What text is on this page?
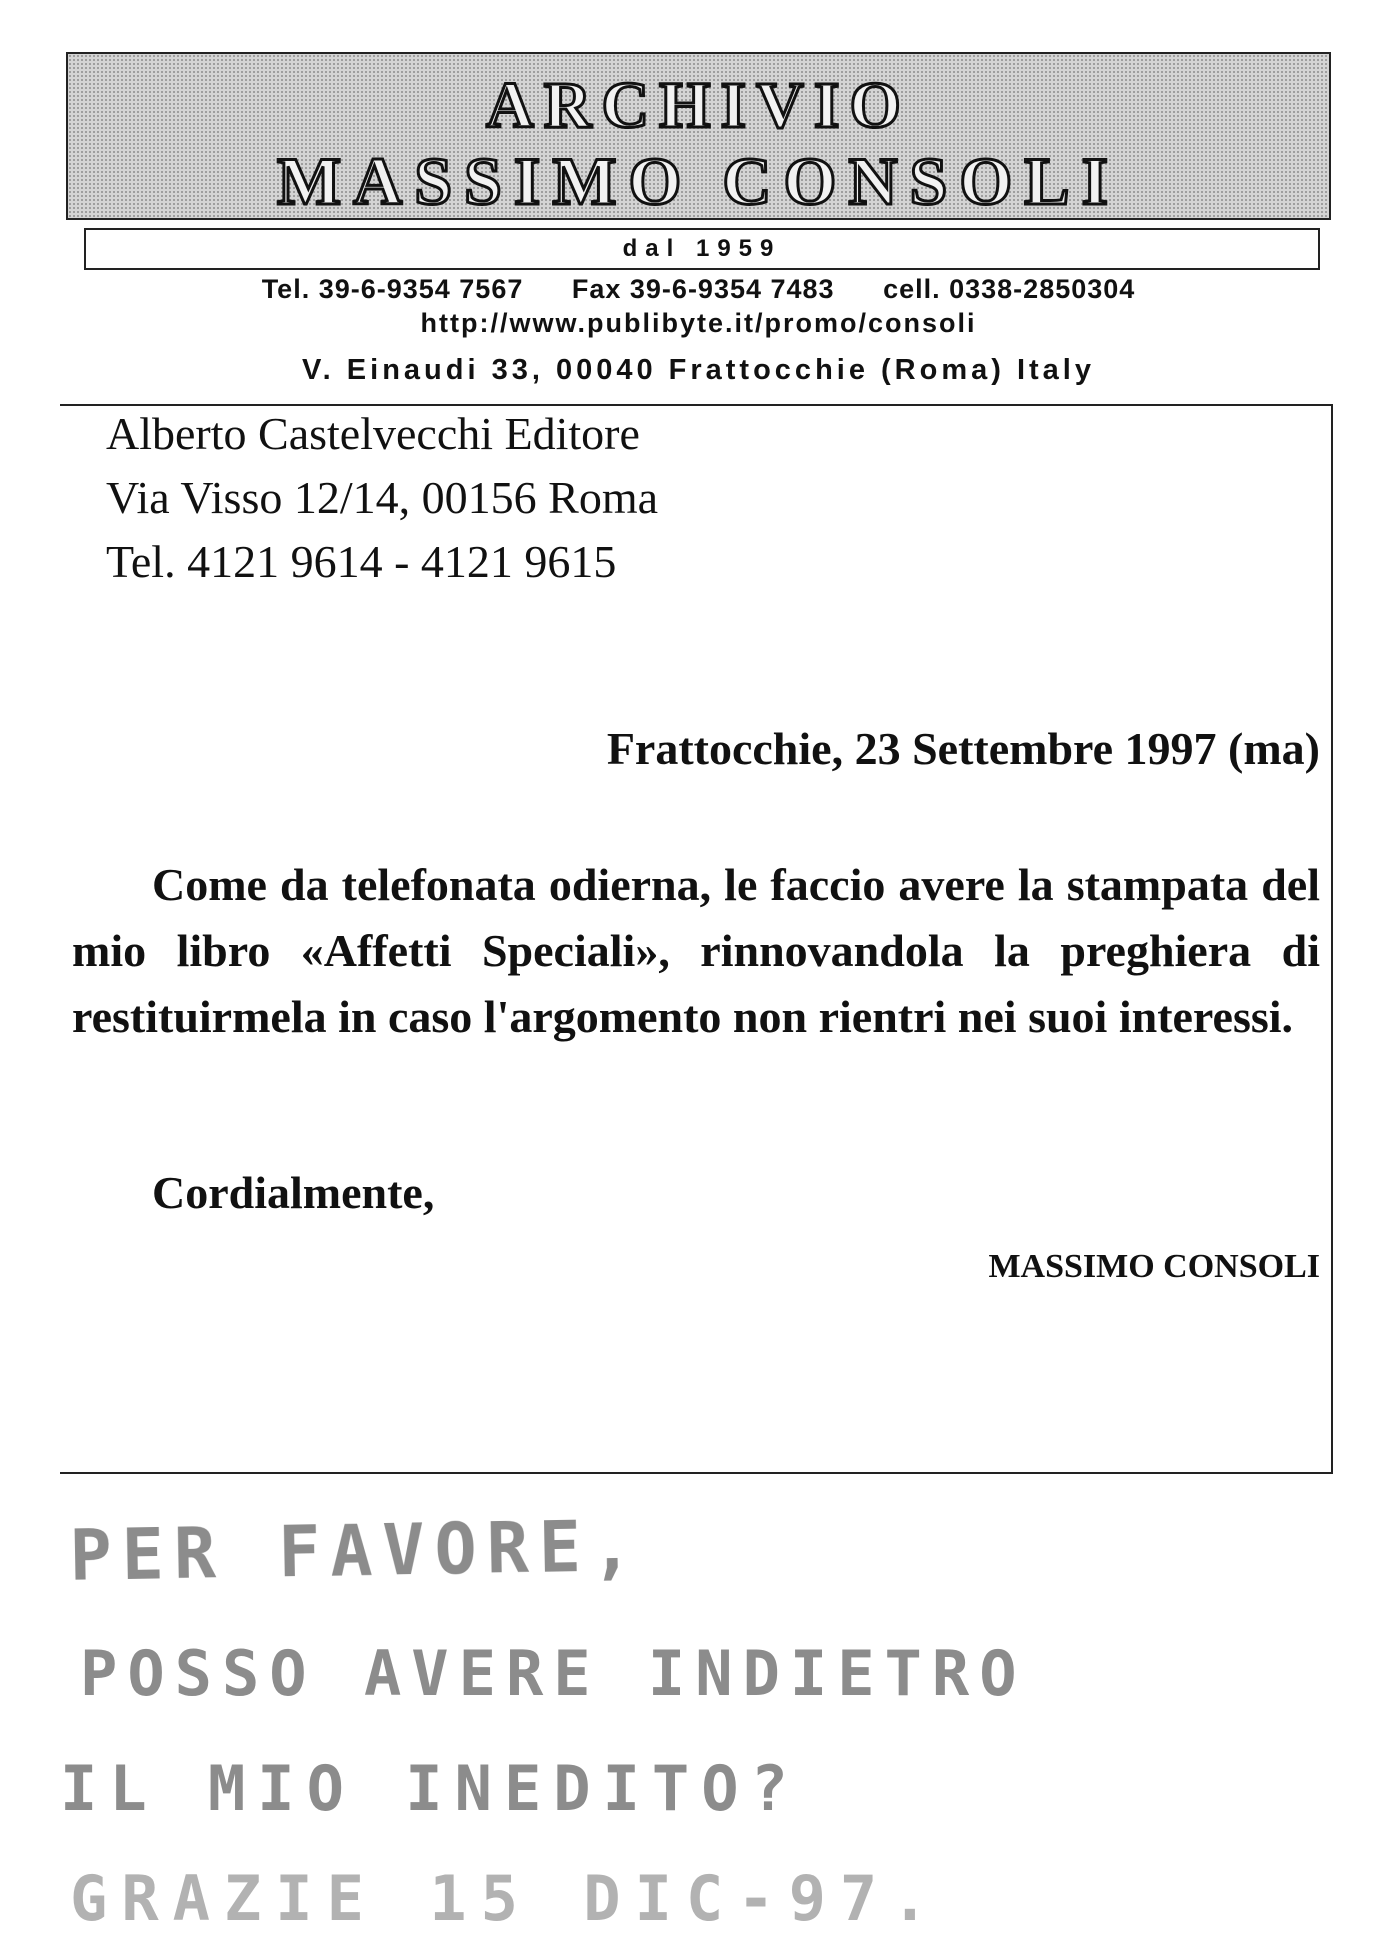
ARCHIVIO
MASSIMO CONSOLI
dal 1959
Tel. 39-6-9354 7567 Fax 39-6-9354 7483 cell. 0338-2850304
http://www.publibyte.it/promo/consoli
V. Einaudi 33, 00040 Frattocchie (Roma) Italy
Alberto Castelvecchi Editore
Via Visso 12/14, 00156 Roma
Tel. 4121 9614 - 4121 9615
Frattocchie, 23 Settembre 1997 (ma)
Come da telefonata odierna, le faccio avere la stampata del mio libro «Affetti Speciali», rinnovandola la preghiera di restituirmela in caso l'argomento non rientri nei suoi interessi.
Cordialmente,
MASSIMO CONSOLI
PER FAVORE,
POSSO AVERE INDIETRO
IL MIO INEDITO?
GRAZIE 15 DIC-97.
